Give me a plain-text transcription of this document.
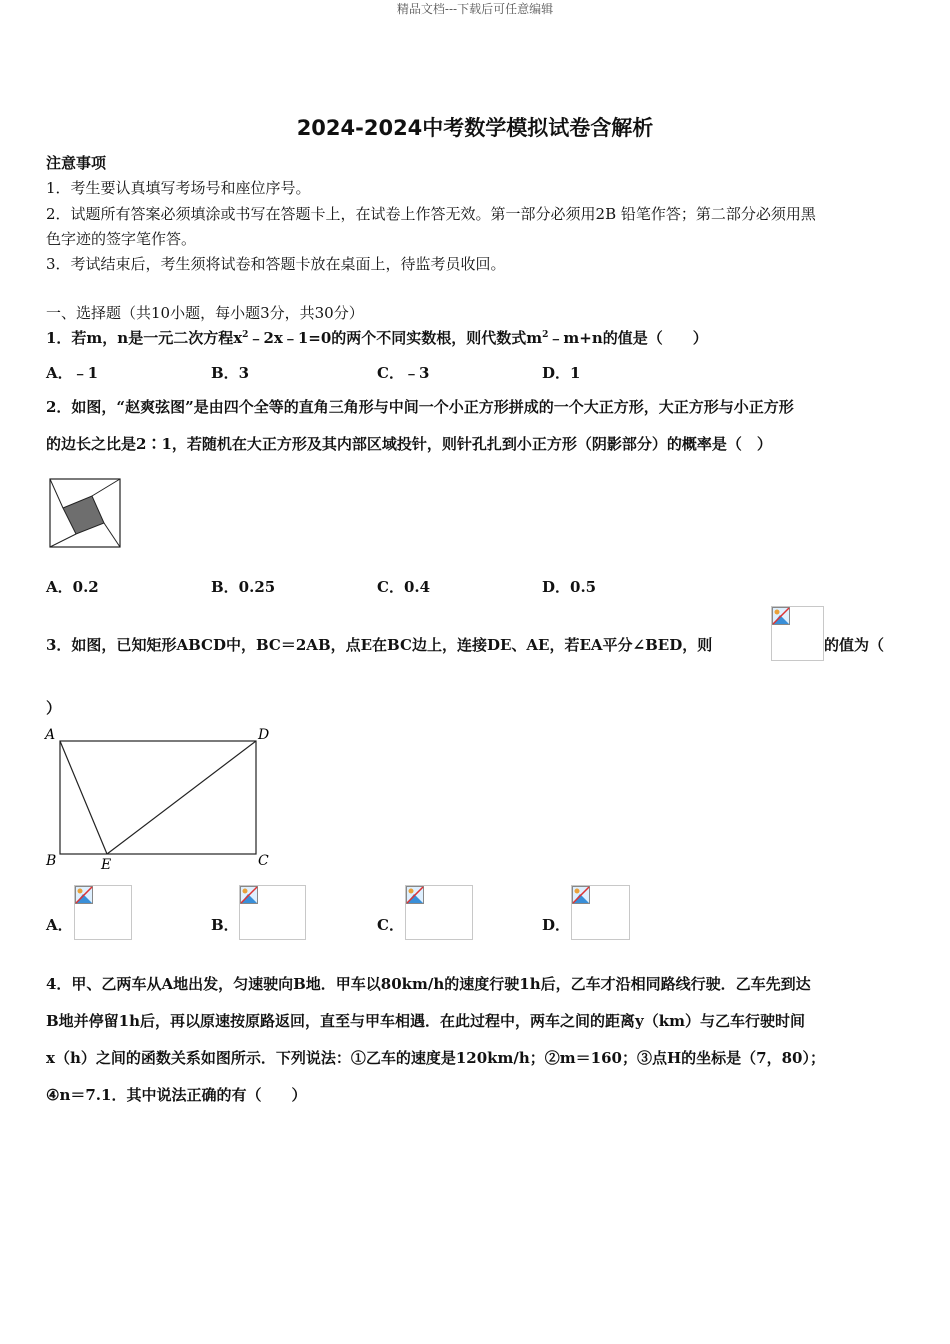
精品文档---下载后可任意编辑
2024-2024中考数学模拟试卷含解析
注意事项
1．考生要认真填写考场号和座位序号。
2．试题所有答案必须填涂或书写在答题卡上，在试卷上作答无效。第一部分必须用2B 铅笔作答；第二部分必须用黑
色字迹的签字笔作答。
3．考试结束后，考生须将试卷和答题卡放在桌面上，待监考员收回。
一、选择题（共10小题，每小题3分，共30分）
1．若m，n是一元二次方程$x^2﹣2x﹣1=0$的两个不同实数根，则代数式$m^2﹣m+n$的值是（　　）
A．﹣1	B．3	C．﹣3	D．1
2．如图，“赵爽弦图”是由四个全等的直角三角形与中间一个小正方形拼成的一个大正方形，大正方形与小正方形
的边长之比是2∶1，若随机在大正方形及其内部区域投针，则针孔扎到小正方形（阴影部分）的概率是（　）
A．0.2	B．0.25	C．0.4	D．0.5
3．如图，已知矩形ABCD中，BC＝2AB，点E在BC边上，连接DE、AE，若EA平分∠BED，则	的值为（
）
A	D
B	C
E
A．	B．	C．	D．
4．甲、乙两车从A地出发，匀速驶向B地．甲车以80km/h的速度行驶1h后，乙车才沿相同路线行驶．乙车先到达
B地并停留1h后，再以原速按原路返回，直至与甲车相遇．在此过程中，两车之间的距离y（km）与乙车行驶时间
x（h）之间的函数关系如图所示．下列说法：①乙车的速度是120km/h；②m＝160；③点H的坐标是（7，80）；
④n＝7.1．其中说法正确的有（　　）
